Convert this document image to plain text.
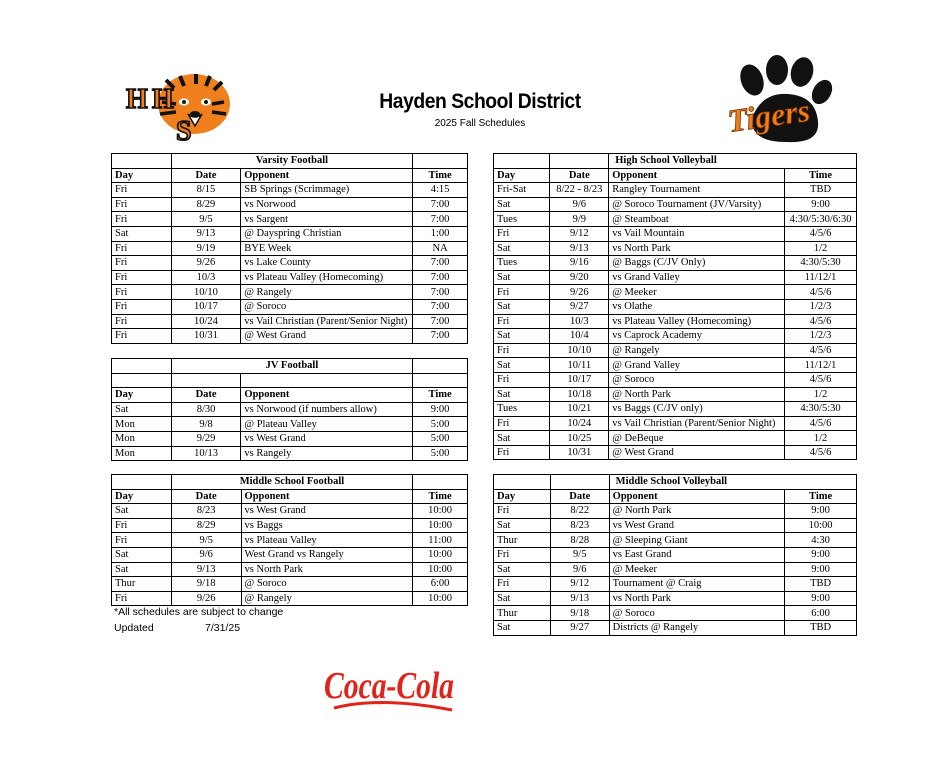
H H
S
Hayden School District
2025 Fall Schedules	Tigers
	Varsity Football		
Day	Date	Opponent	Time
Fri	8/15	SB Springs (Scrimmage)	4:15
Fri	8/29	vs Norwood	7:00
Fri	9/5	vs Sargent	7:00
Sat	9/13	@ Dayspring Christian	1:00
Fri	9/19	BYE Week	NA
Fri	9/26	vs Lake County	7:00
Fri	10/3	vs Plateau Valley (Homecoming)	7:00
Fri	10/10	@ Rangely	7:00
Fri	10/17	@ Soroco	7:00
Fri	10/24	vs Vail Christian (Parent/Senior Night)	7:00
Fri	10/31	@ West Grand	7:00
	JV Football		

Day	Date	Opponent	Time
Sat	8/30	vs Norwood (if numbers allow)	9:00
Mon	9/8	@ Plateau Valley	5:00
Mon	9/29	vs West Grand	5:00
Mon	10/13	vs Rangely	5:00
	Middle School Football		
Day	Date	Opponent	Time
Sat	8/23	vs West Grand	10:00
Fri	8/29	vs Baggs	10:00
Fri	9/5	vs Plateau Valley	11:00
Sat	9/6	West Grand vs Rangely	10:00
Sat	9/13	vs North Park	10:00
Thur	9/18	@ Soroco	6:00
Fri	9/26	@ Rangely	10:00
		High School Volleyball	
Day	Date	Opponent	Time
Fri-Sat	8/22 - 8/23	Rangley Tournament	TBD
Sat	9/6	@ Soroco Tournament (JV/Varsity)	9:00
Tues	9/9	@ Steamboat	4:30/5:30/6:30
Fri	9/12	vs Vail Mountain	4/5/6
Sat	9/13	vs North Park	1/2
Tues	9/16	@ Baggs (C/JV Only)	4:30/5:30
Sat	9/20	vs Grand Valley	11/12/1
Fri	9/26	@ Meeker	4/5/6
Sat	9/27	vs Olathe	1/2/3
Fri	10/3	vs Plateau Valley (Homecoming)	4/5/6
Sat	10/4	vs Caprock Academy	1/2/3
Fri	10/10	@ Rangely	4/5/6
Sat	10/11	@ Grand Valley	11/12/1
Fri	10/17	@ Soroco	4/5/6
Sat	10/18	@ North Park	1/2
Tues	10/21	vs Baggs (C/JV only)	4:30/5:30
Fri	10/24	vs Vail Christian (Parent/Senior Night)	4/5/6
Sat	10/25	@ DeBeque	1/2
Fri	10/31	@ West Grand	4/5/6
		Middle School Volleyball	
Day	Date	Opponent	Time
Fri	8/22	@ North Park	9:00
Sat	8/23	vs West Grand	10:00
Thur	8/28	@ Sleeping Giant	4:30
Fri	9/5	vs East Grand	9:00
Sat	9/6	@ Meeker	9:00
Fri	9/12	Tournament @ Craig	TBD
Sat	9/13	vs North Park	9:00
Thur	9/18	@ Soroco	6:00
Sat	9/27	Districts @ Rangely	TBD
*All schedules are subject to change
Updated	7/31/25
Coca-Cola
